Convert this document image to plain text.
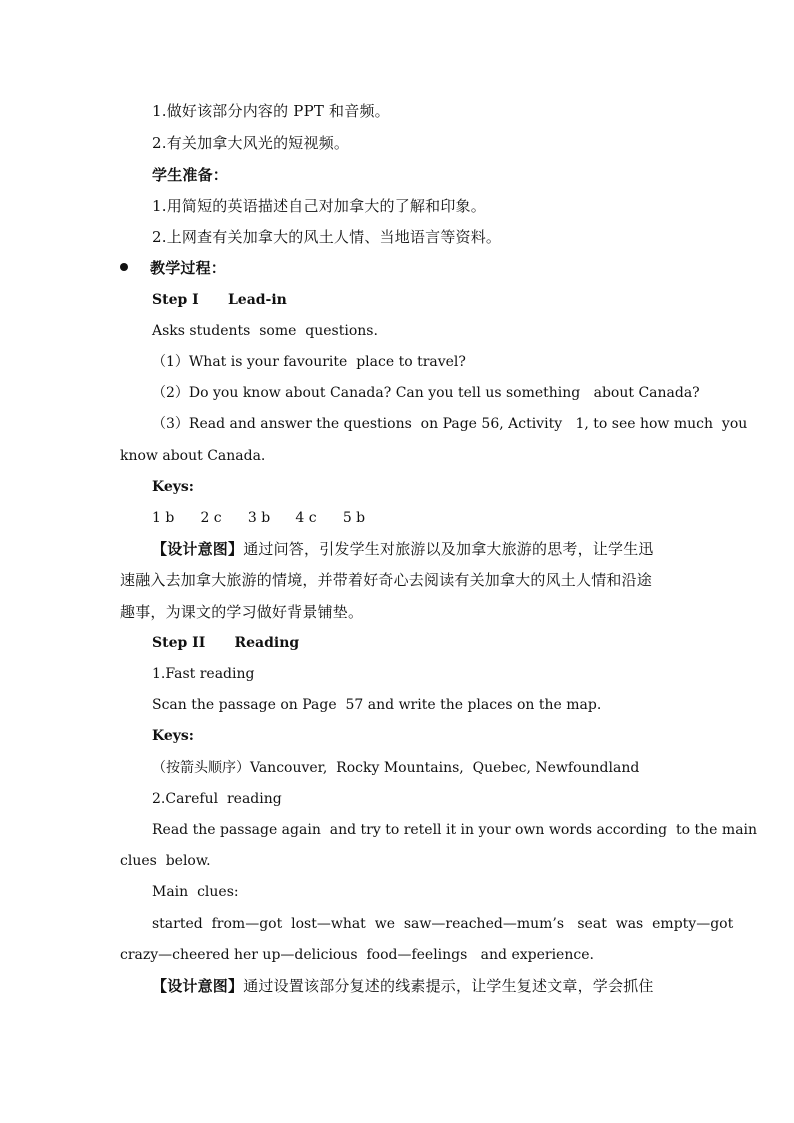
1.做好该部分内容的 PPT 和音频。
2.有关加拿大风光的短视频。
学生准备：
1.用简短的英语描述自己对加拿大的了解和印象。
2.上网查有关加拿大的风土人情、当地语言等资料。
教学过程：
Step I      Lead-in
Asks students  some  questions.
（1）What is your favourite  place to travel?
（2）Do you know about Canada? Can you tell us something   about Canada?
（3）Read and answer the questions  on Page 56, Activity   1, to see how much  you
know about Canada.
Keys:
1 b 2 c 3 b 4 c 5 b
【设计意图】通过问答，引发学生对旅游以及加拿大旅游的思考，让学生迅
速融入去加拿大旅游的情境，并带着好奇心去阅读有关加拿大的风土人情和沿途
趣事，为课文的学习做好背景铺垫。
Step II      Reading
1.Fast reading
Scan the passage on Page  57 and write the places on the map.
Keys:
（按箭头顺序）Vancouver,  Rocky Mountains,  Quebec, Newfoundland
2.Careful  reading
Read the passage again  and try to retell it in your own words according  to the main
clues  below.
Main  clues:
started  from—got  lost—what  we  saw—reached—mum’s   seat  was  empty—got
crazy—cheered her up—delicious  food—feelings   and experience.
【设计意图】通过设置该部分复述的线素提示，让学生复述文章，学会抓住
